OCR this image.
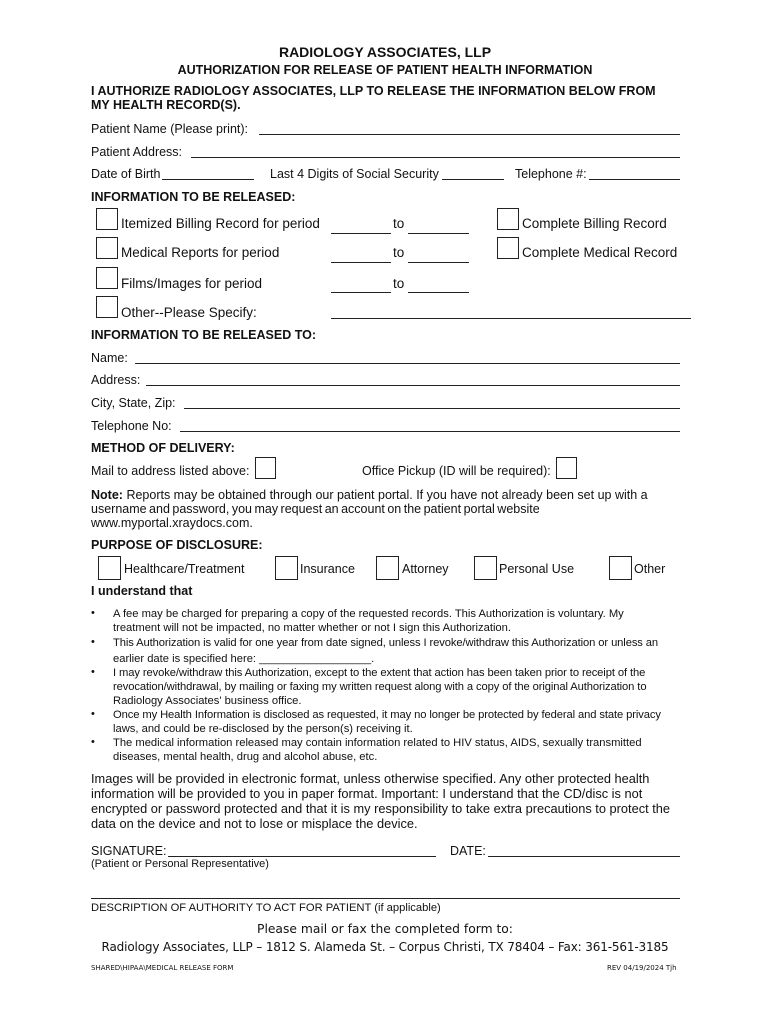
RADIOLOGY ASSOCIATES, LLP
AUTHORIZATION FOR RELEASE OF PATIENT HEALTH INFORMATION
I AUTHORIZE RADIOLOGY ASSOCIATES, LLP TO RELEASE THE INFORMATION BELOW FROM
MY HEALTH RECORD(S).
Patient Name (Please print):
Patient Address:
Date of Birth	Last 4 Digits of Social Security	Telephone #:
INFORMATION TO BE RELEASED:
Itemized Billing Record for period	to	Complete Billing Record
Medical Reports for period	to	Complete Medical Record
Films/Images for period	to
Other--Please Specify:
INFORMATION TO BE RELEASED TO:
Name:
Address:
City, State, Zip:
Telephone No:
METHOD OF DELIVERY:
Mail to address listed above:	Office Pickup (ID will be required):
Note: Reports may be obtained through our patient portal. If you have not already been set up with a
username and password, you may request an account on the patient portal website
www.myportal.xraydocs.com.
PURPOSE OF DISCLOSURE:
Healthcare/Treatment	Insurance	Attorney	Personal Use	Other
I understand that
• A fee may be charged for preparing a copy of the requested records. This Authorization is voluntary. My
treatment will not be impacted, no matter whether or not I sign this Authorization.
• This Authorization is valid for one year from date signed, unless I revoke/withdraw this Authorization or unless an
earlier date is specified here: __________________.
• I may revoke/withdraw this Authorization, except to the extent that action has been taken prior to receipt of the
revocation/withdrawal, by mailing or faxing my written request along with a copy of the original Authorization to
Radiology Associates' business office.
• Once my Health Information is disclosed as requested, it may no longer be protected by federal and state privacy
laws, and could be re-disclosed by the person(s) receiving it.
• The medical information released may contain information related to HIV status, AIDS, sexually transmitted
diseases, mental health, drug and alcohol abuse, etc.
Images will be provided in electronic format, unless otherwise specified. Any other protected health
information will be provided to you in paper format. Important: I understand that the CD/disc is not
encrypted or password protected and that it is my responsibility to take extra precautions to protect the
data on the device and not to lose or misplace the device.
SIGNATURE:	DATE:
(Patient or Personal Representative)
DESCRIPTION OF AUTHORITY TO ACT FOR PATIENT (if applicable)
Please mail or fax the completed form to:
Radiology Associates, LLP – 1812 S. Alameda St. – Corpus Christi, TX 78404 – Fax: 361-561-3185
SHARED\HIPAA\MEDICAL RELEASE FORM	REV 04/19/2024 Tjh
